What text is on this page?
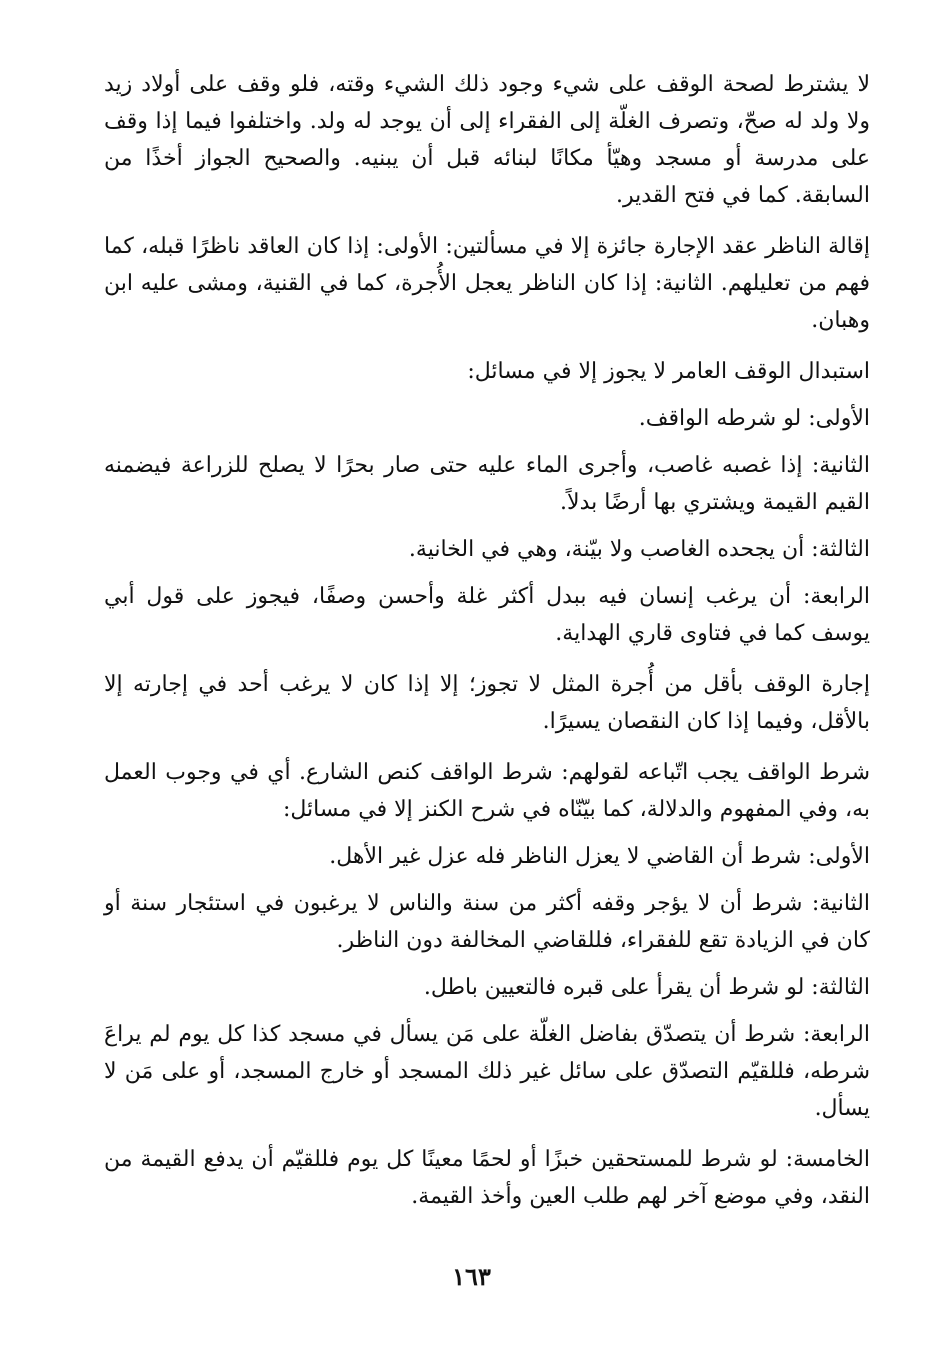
لا يشترط لصحة الوقف على شيء وجود ذلك الشيء وقته، فلو وقف على أولاد زيد ولا ولد له صحّ، وتصرف الغلّة إلى الفقراء إلى أن يوجد له ولد. واختلفوا فيما إذا وقف على مدرسة أو مسجد وهيّأ مكانًا لبنائه قبل أن يبنيه. والصحيح الجواز أخذًا من السابقة. كما في فتح القدير.

إقالة الناظر عقد الإجارة جائزة إلا في مسألتين: الأولى: إذا كان العاقد ناظرًا قبله، كما فهم من تعليلهم. الثانية: إذا كان الناظر يعجل الأُجرة، كما في القنية، ومشى عليه ابن وهبان.

استبدال الوقف العامر لا يجوز إلا في مسائل:

الأولى: لو شرطه الواقف.

الثانية: إذا غصبه غاصب، وأجرى الماء عليه حتى صار بحرًا لا يصلح للزراعة فيضمنه القيم القيمة ويشتري بها أرضًا بدلاً.

الثالثة: أن يجحده الغاصب ولا بيّنة، وهي في الخانية.

الرابعة: أن يرغب إنسان فيه ببدل أكثر غلة وأحسن وصفًا، فيجوز على قول أبي يوسف كما في فتاوى قاري الهداية.

إجارة الوقف بأقل من أُجرة المثل لا تجوز؛ إلا إذا كان لا يرغب أحد في إجارته إلا بالأقل، وفيما إذا كان النقصان يسيرًا.

شرط الواقف يجب اتّباعه لقولهم: شرط الواقف كنص الشارع. أي في وجوب العمل به، وفي المفهوم والدلالة، كما بيّنّاه في شرح الكنز إلا في مسائل:

الأولى: شرط أن القاضي لا يعزل الناظر فله عزل غير الأهل.

الثانية: شرط أن لا يؤجر وقفه أكثر من سنة والناس لا يرغبون في استئجار سنة أو كان في الزيادة تقع للفقراء، فللقاضي المخالفة دون الناظر.

الثالثة: لو شرط أن يقرأ على قبره فالتعيين باطل.

الرابعة: شرط أن يتصدّق بفاضل الغلّة على مَن يسأل في مسجد كذا كل يوم لم يراعَ شرطه، فللقيّم التصدّق على سائل غير ذلك المسجد أو خارج المسجد، أو على مَن لا يسأل.

الخامسة: لو شرط للمستحقين خبزًا أو لحمًا معينًا كل يوم فللقيّم أن يدفع القيمة من النقد، وفي موضع آخر لهم طلب العين وأخذ القيمة.

١٦٣
